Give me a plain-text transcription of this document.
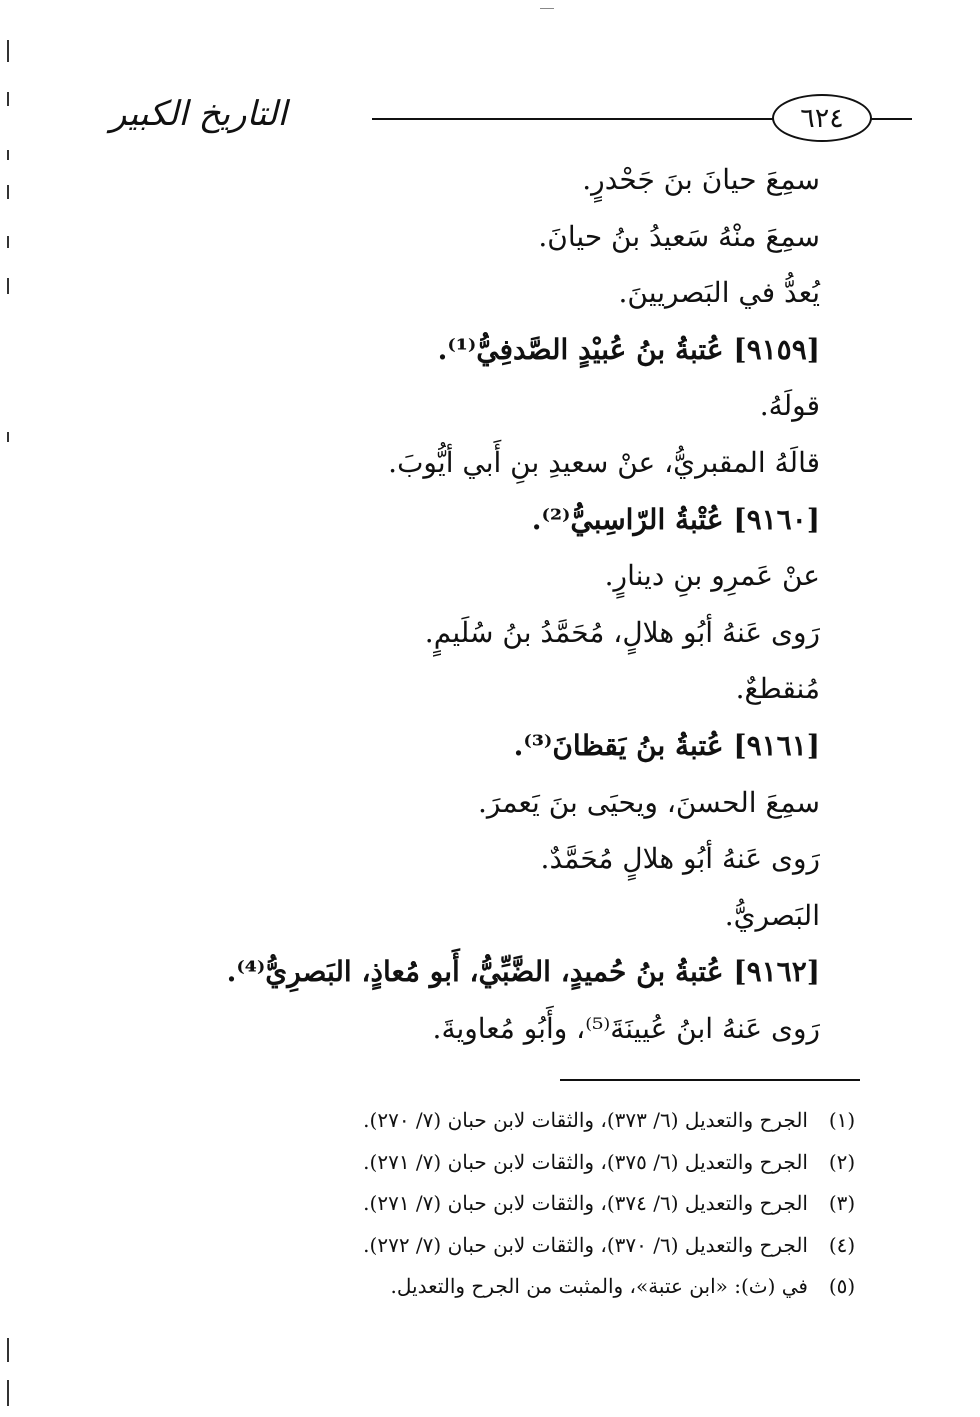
التاريخ الكبير	٦٢٤
سمِعَ حيانَ بنَ جَحْدرٍ.
سمِعَ منْهُ سَعيدُ بنُ حيانَ.
يُعدُّ في البَصريينَ.
[٩١٥٩] عُتبةُ بنُ عُبيْدٍ الصَّدفِيُّ⁽¹⁾.
قولَهُ.
قالَهُ المقبريُّ، عنْ سعيدِ بنِ أَبي أيُّوبَ.
[٩١٦٠] عُتْبةُ الرّاسِبيُّ⁽²⁾.
عنْ عَمرِو بنِ دينارٍ.
رَوى عَنهُ أبُو هلالٍ، مُحَمَّدُ بنُ سُلَيمٍ.
مُنقطعٌ.
[٩١٦١] عُتبةُ بنُ يَقظانَ⁽³⁾.
سمِعَ الحسنَ، ويحيَى بنَ يَعمرَ.
رَوى عَنهُ أبُو هلالٍ مُحَمَّدٌ.
البَصريُّ.
[٩١٦٢] عُتبةُ بنُ حُميدٍ، الضَّبِّيُّ، أَبو مُعاذٍ، البَصرِيُّ⁽⁴⁾.
رَوى عَنهُ ابنُ عُيينَةَ⁽⁵⁾، وأَبُو مُعاويةَ.
(١)الجرح والتعديل (٦/ ٣٧٣)، والثقات لابن حبان (٧/ ٢٧٠).
(٢)الجرح والتعديل (٦/ ٣٧٥)، والثقات لابن حبان (٧/ ٢٧١).
(٣)الجرح والتعديل (٦/ ٣٧٤)، والثقات لابن حبان (٧/ ٢٧١).
(٤)الجرح والتعديل (٦/ ٣٧٠)، والثقات لابن حبان (٧/ ٢٧٢).
(٥)في (ث): «ابن عتبة»، والمثبت من الجرح والتعديل.
